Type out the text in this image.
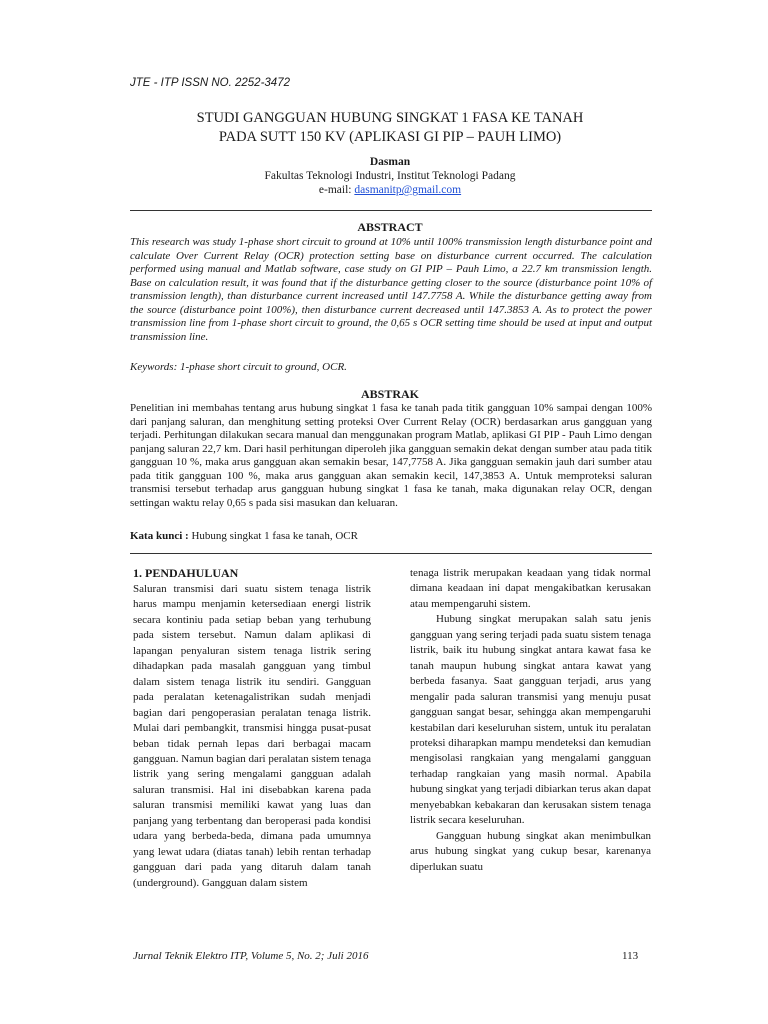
JTE - ITP ISSN NO. 2252-3472
STUDI GANGGUAN HUBUNG SINGKAT 1 FASA KE TANAH
PADA SUTT 150 KV (APLIKASI GI PIP – PAUH LIMO)
Dasman
Fakultas Teknologi Industri, Institut Teknologi Padang
e-mail: dasmanitp@gmail.com
ABSTRACT

This research was study 1-phase short circuit to ground at 10% until 100% transmission length disturbance point and calculate Over Current Relay (OCR) protection setting base on disturbance current occurred. The calculation performed using manual and Matlab software, case study on GI PIP – Pauh Limo, a 22.7 km transmission length. Base on calculation result, it was found that if the disturbance getting closer to the source (disturbance point 10% of transmission length), than disturbance current increased until 147.7758 A. While the disturbance getting away from the source (disturbance point 100%), then disturbance current decreased until 147.3853 A. As to protect the power transmission line from 1-phase short circuit to ground, the 0,65 s OCR setting time should be used at input and output transmission line.

Keywords: 1-phase short circuit to ground, OCR.

ABSTRAK

Penelitian ini membahas tentang arus hubung singkat 1 fasa ke tanah pada titik gangguan 10% sampai dengan 100% dari panjang saluran, dan menghitung setting proteksi Over Current Relay (OCR) berdasarkan arus gangguan yang terjadi. Perhitungan dilakukan secara manual dan menggunakan program Matlab, aplikasi GI PIP - Pauh Limo dengan panjang saluran 22,7 km. Dari hasil perhitungan diperoleh jika gangguan semakin dekat dengan sumber atau pada titik gangguan 10 %, maka arus gangguan akan semakin besar, 147,7758 A. Jika gangguan semakin jauh dari sumber atau pada titik gangguan 100 %, maka arus gangguan akan semakin kecil, 147,3853 A. Untuk memproteksi saluran transmisi tersebut terhadap arus gangguan hubung singkat 1 fasa ke tanah, maka digunakan relay OCR, dengan settingan waktu relay 0,65 s pada sisi masukan dan keluaran.

Kata kunci : Hubung singkat 1 fasa ke tanah, OCR

1. PENDAHULUAN

Saluran transmisi dari suatu sistem tenaga listrik harus mampu menjamin ketersediaan energi listrik secara kontiniu pada setiap beban yang terhubung pada sistem tersebut. Namun dalam aplikasi di lapangan penyaluran sistem tenaga listrik sering dihadapkan pada masalah gangguan yang timbul dalam sistem tenaga listrik itu sendiri. Gangguan pada peralatan ketenagalistrikan sudah menjadi bagian dari pengoperasian peralatan tenaga listrik. Mulai dari pembangkit, transmisi hingga pusat-pusat beban tidak pernah lepas dari berbagai macam gangguan. Namun bagian dari peralatan sistem tenaga listrik yang sering mengalami gangguan adalah saluran transmisi. Hal ini disebabkan karena pada saluran transmisi memiliki kawat yang luas dan panjang yang terbentang dan beroperasi pada kondisi udara yang berbeda-beda, dimana pada umumnya yang lewat udara (diatas tanah) lebih rentan terhadap gangguan dari pada yang ditaruh dalam tanah (underground). Gangguan dalam sistem

tenaga listrik merupakan keadaan yang tidak normal dimana keadaan ini dapat mengakibatkan kerusakan atau mempengaruhi sistem.

Hubung singkat merupakan salah satu jenis gangguan yang sering terjadi pada suatu sistem tenaga listrik, baik itu hubung singkat antara kawat fasa ke tanah maupun hubung singkat antara kawat yang berbeda fasanya. Saat gangguan terjadi, arus yang mengalir pada saluran transmisi yang menuju pusat gangguan sangat besar, sehingga akan mempengaruhi kestabilan dari keseluruhan sistem, untuk itu peralatan proteksi diharapkan mampu mendeteksi dan kemudian mengisolasi rangkaian yang mengalami gangguan terhadap rangkaian yang masih normal. Apabila hubung singkat yang terjadi dibiarkan terus akan dapat menyebabkan kebakaran dan kerusakan sistem tenaga listrik secara keseluruhan.

Gangguan hubung singkat akan menimbulkan arus hubung singkat yang cukup besar, karenanya diperlukan suatu

Jurnal Teknik Elektro ITP, Volume 5, No. 2; Juli 2016	113
